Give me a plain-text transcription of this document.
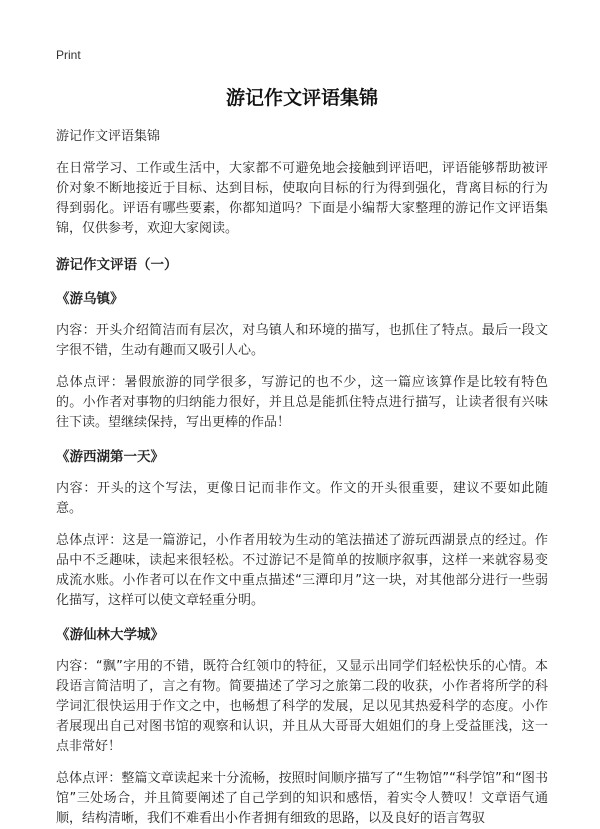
Print
游记作文评语集锦
游记作文评语集锦

在日常学习、工作或生活中，大家都不可避免地会接触到评语吧，评语能够帮助被评价对象不断地接近于目标、达到目标，使取向目标的行为得到强化，背离目标的行为得到弱化。评语有哪些要素，你都知道吗？下面是小编帮大家整理的游记作文评语集锦，仅供参考，欢迎大家阅读。

游记作文评语（一）
《游乌镇》

内容：开头介绍简洁而有层次，对乌镇人和环境的描写，也抓住了特点。最后一段文字很不错，生动有趣而又吸引人心。

总体点评：暑假旅游的同学很多，写游记的也不少，这一篇应该算作是比较有特色的。小作者对事物的归纳能力很好，并且总是能抓住特点进行描写，让读者很有兴味往下读。望继续保持，写出更棒的作品！

《游西湖第一天》

内容：开头的这个写法，更像日记而非作文。作文的开头很重要，建议不要如此随意。

总体点评：这是一篇游记，小作者用较为生动的笔法描述了游玩西湖景点的经过。作品中不乏趣味，读起来很轻松。不过游记不是简单的按顺序叙事，这样一来就容易变成流水账。小作者可以在作文中重点描述“三潭印月”这一块，对其他部分进行一些弱化描写，这样可以使文章轻重分明。

《游仙林大学城》

内容：“飘”字用的不错，既符合红领巾的特征，又显示出同学们轻松快乐的心情。本段语言简洁明了，言之有物。简要描述了学习之旅第二段的收获，小作者将所学的科学词汇很快运用于作文之中，也畅想了科学的发展，足以见其热爱科学的态度。小作者展现出自己对图书馆的观察和认识，并且从大哥哥大姐姐们的身上受益匪浅，这一点非常好！

总体点评：整篇文章读起来十分流畅，按照时间顺序描写了“生物馆”“科学馆”和“图书馆”三处场合，并且简要阐述了自己学到的知识和感悟，着实令人赞叹！文章语气通顺，结构清晰，我们不难看出小作者拥有细致的思路，以及良好的语言驾驭
